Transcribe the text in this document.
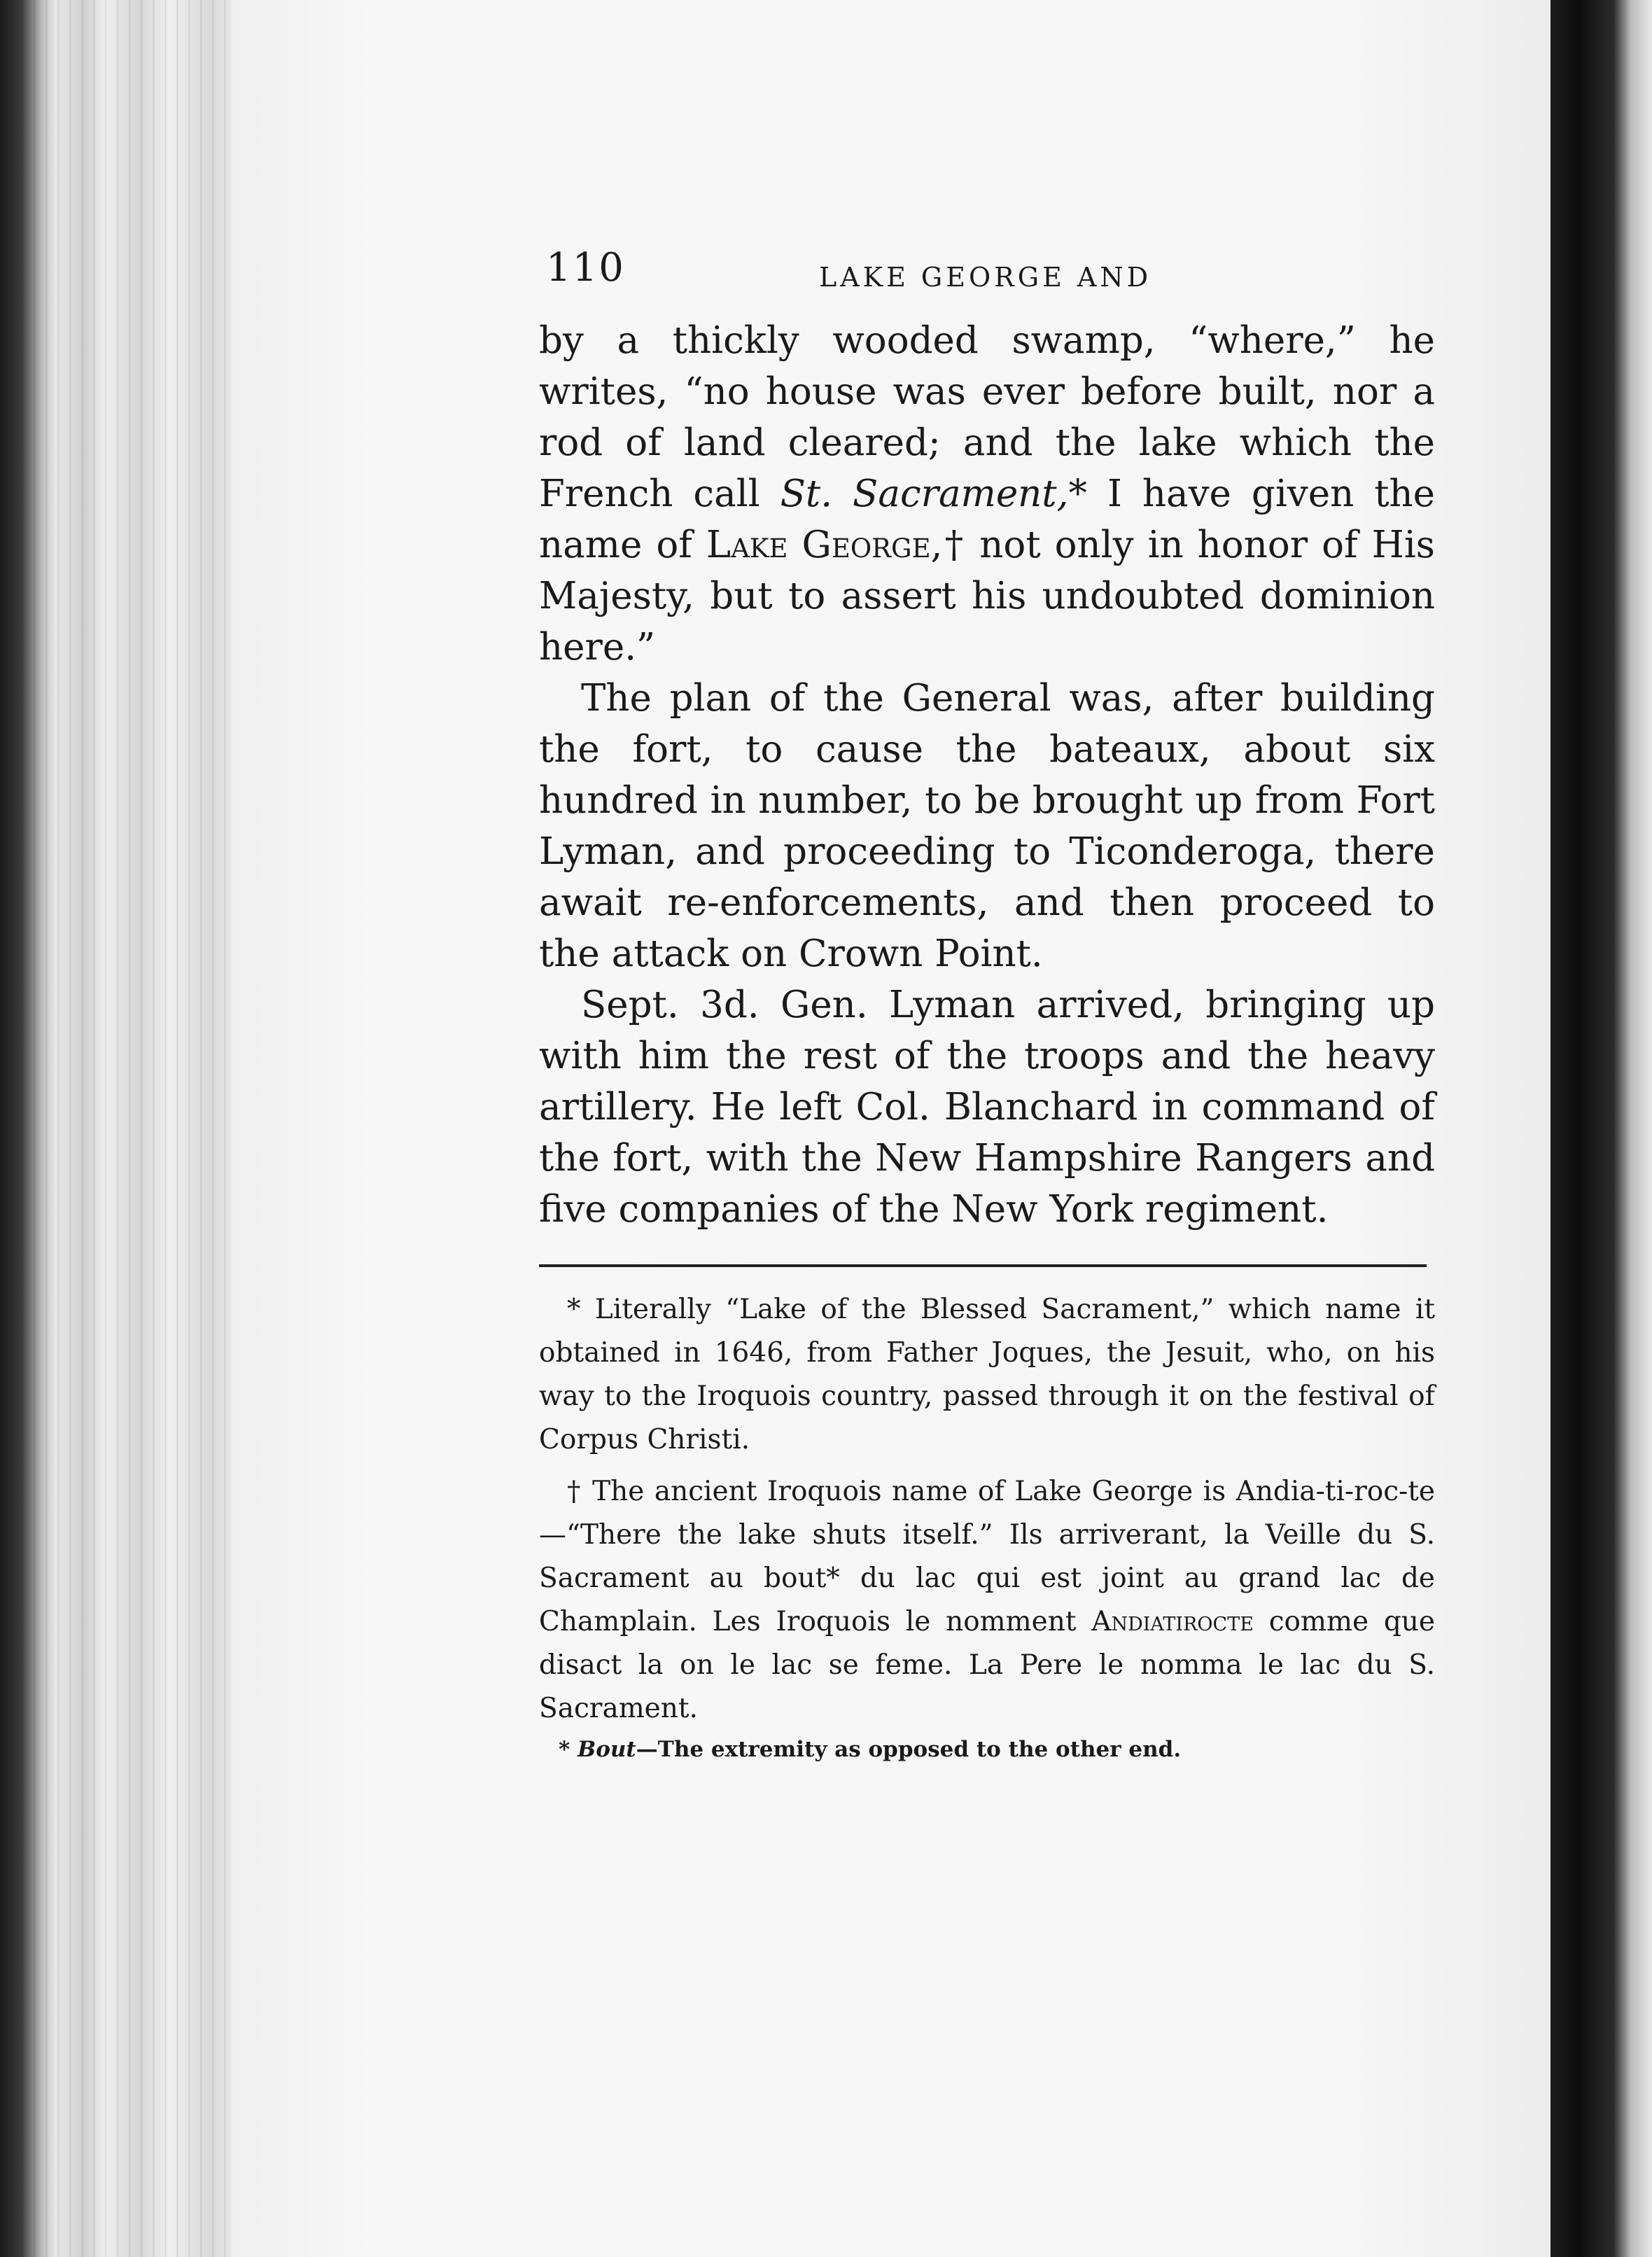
110	LAKE GEORGE AND

by a thickly wooded swamp, “where,” he writes, “no house was ever before built, nor a rod of land cleared; and the lake which the French call St. Sacrament,* I have given the name of Lake George,† not only in honor of His Majesty, but to assert his undoubted dominion here.”

The plan of the General was, after building the fort, to cause the bateaux, about six hundred in number, to be brought up from Fort Lyman, and proceeding to Ticonderoga, there await re-enforcements, and then proceed to the attack on Crown Point.

Sept. 3d. Gen. Lyman arrived, bringing up with him the rest of the troops and the heavy artillery. He left Col. Blanchard in command of the fort, with the New Hampshire Rangers and five companies of the New York regiment.

* Literally “Lake of the Blessed Sacrament,” which name it obtained in 1646, from Father Joques, the Jesuit, who, on his way to the Iroquois country, passed through it on the festival of Corpus Christi.

† The ancient Iroquois name of Lake George is Andia-ti-roc-te—“There the lake shuts itself.” Ils arriverant, la Veille du S. Sacrament au bout* du lac qui est joint au grand lac de Champlain. Les Iroquois le nomment Andiatirocte comme que disact la on le lac se feme. La Pere le nomma le lac du S. Sacrament.

* Bout—The extremity as opposed to the other end.
